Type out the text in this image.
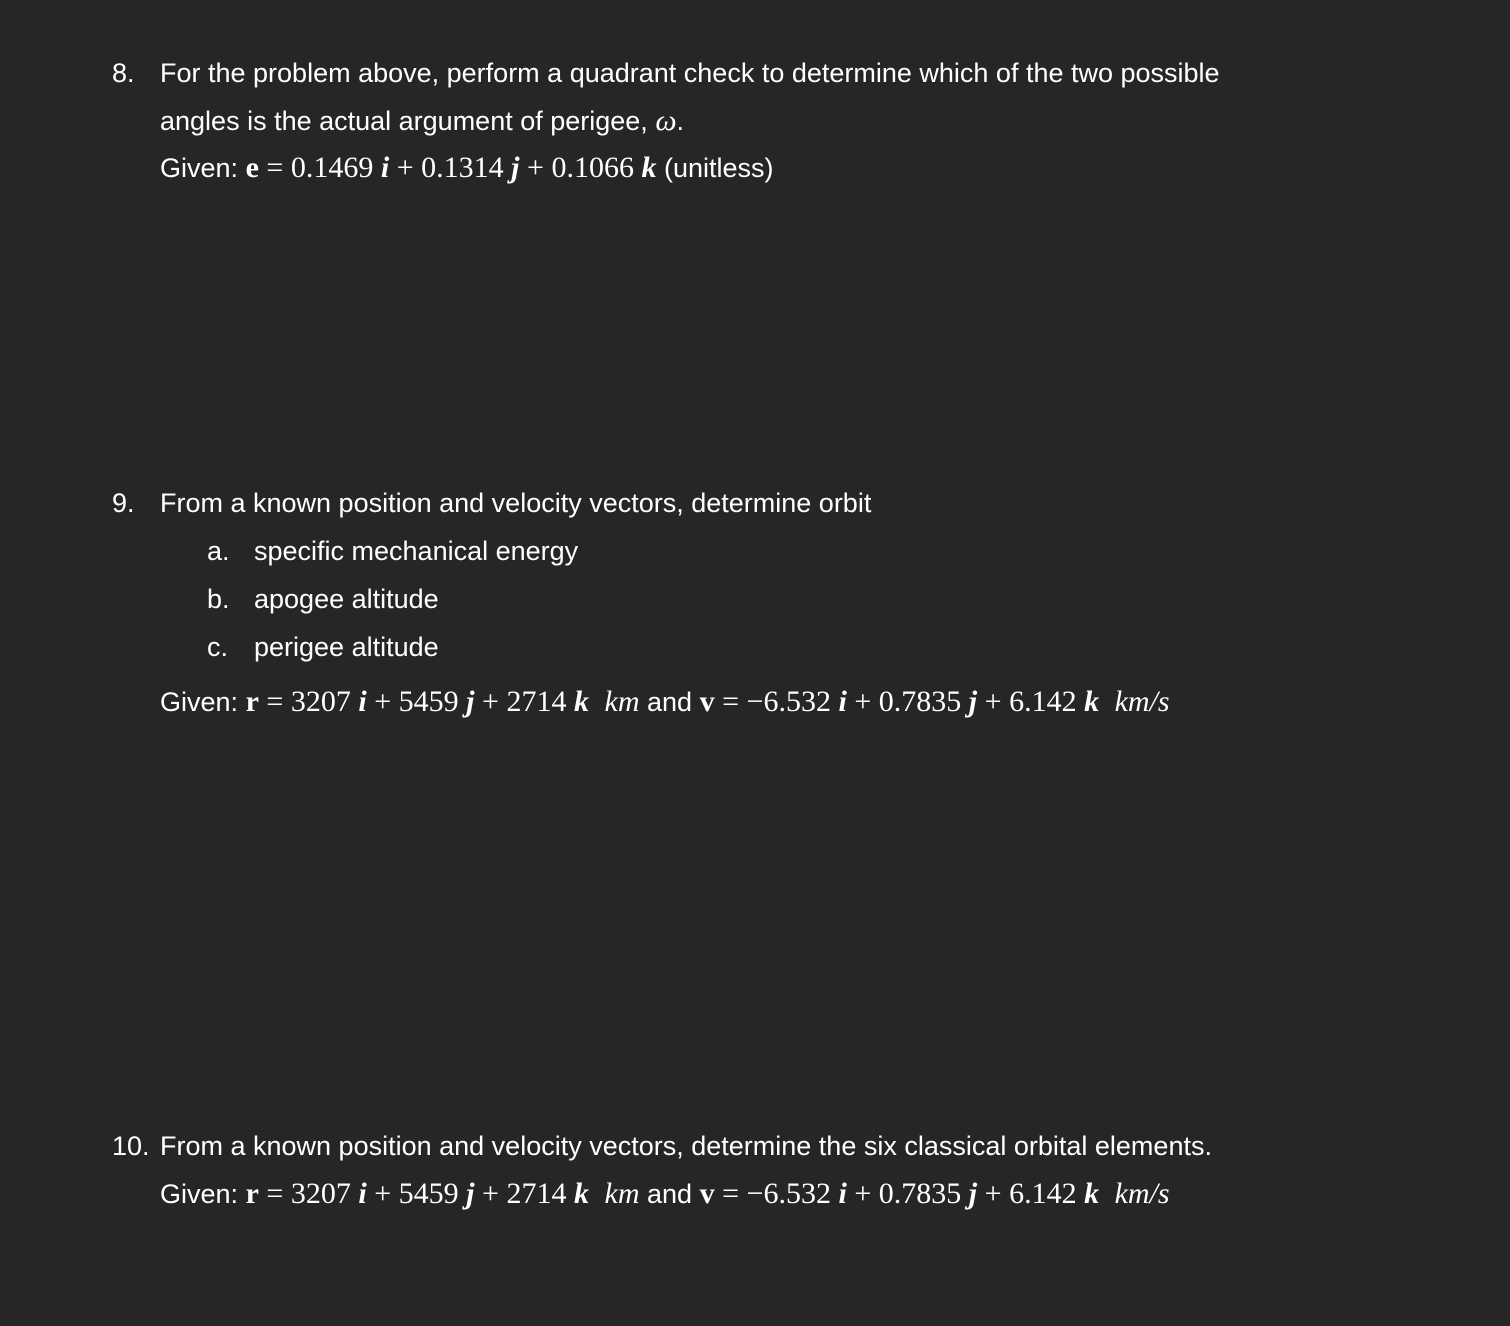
8. For the problem above, perform a quadrant check to determine which of the two possible
angles is the actual argument of perigee, ω.
Given: e = 0.1469 i + 0.1314 j + 0.1066 k (unitless)
9. From a known position and velocity vectors, determine orbit
a. specific mechanical energy
b. apogee altitude
c. perigee altitude
Given: r = 3207 i + 5459 j + 2714 k km and v = −6.532 i + 0.7835 j + 6.142 k km/s
10. From a known position and velocity vectors, determine the six classical orbital elements.
Given: r = 3207 i + 5459 j + 2714 k km and v = −6.532 i + 0.7835 j + 6.142 k km/s
